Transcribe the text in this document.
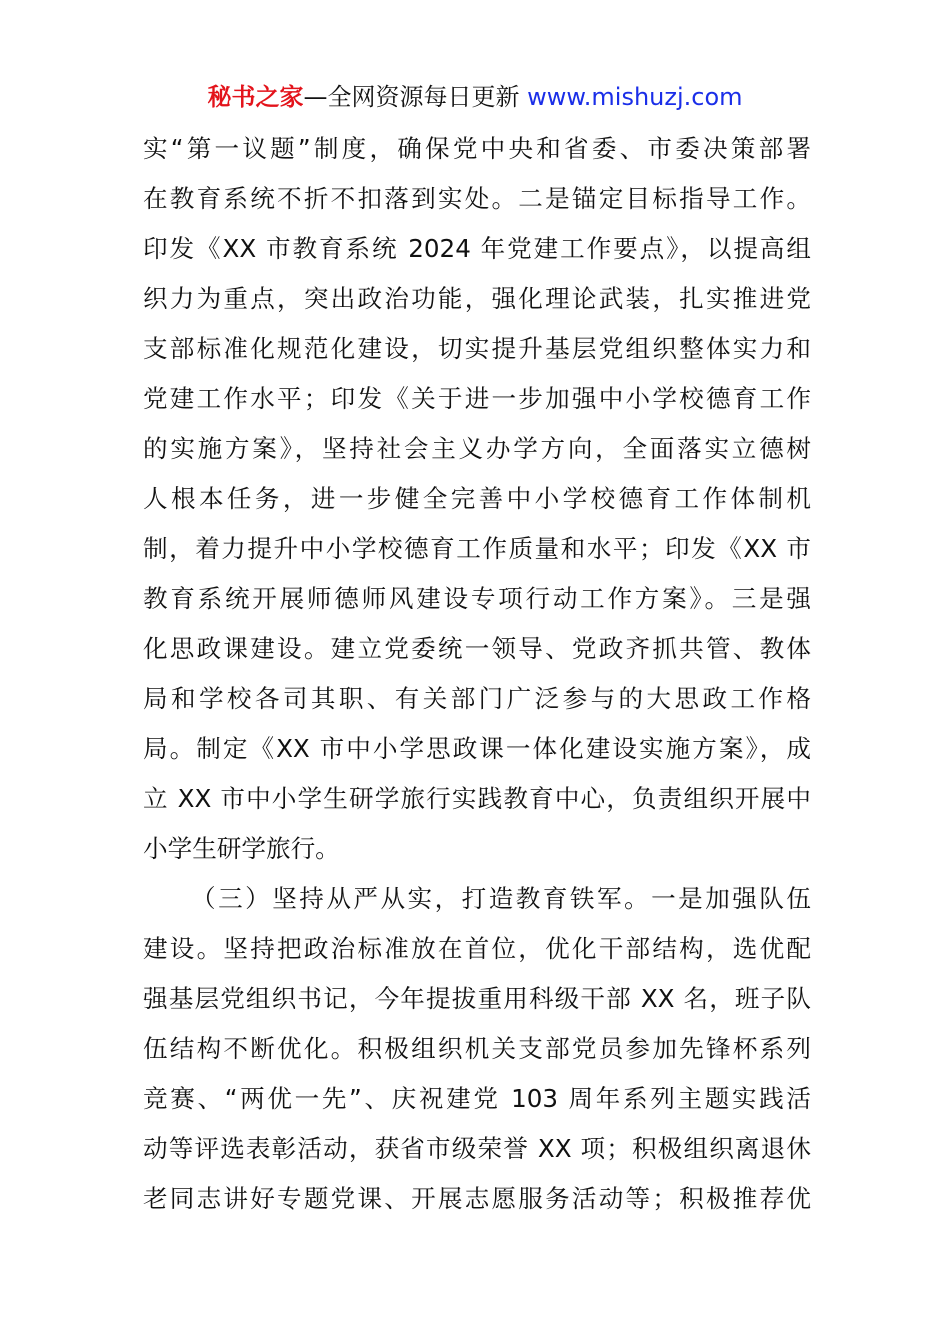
秘书之家—全网资源每日更新 www.mishuzj.com
实“第一议题”制度，确保党中央和省委、市委决策部署
在教育系统不折不扣落到实处。二是锚定目标指导工作。
印发《XX 市教育系统 2024 年党建工作要点》，以提高组
织力为重点，突出政治功能，强化理论武装，扎实推进党
支部标准化规范化建设，切实提升基层党组织整体实力和
党建工作水平；印发《关于进一步加强中小学校德育工作
的实施方案》，坚持社会主义办学方向，全面落实立德树
人根本任务，进一步健全完善中小学校德育工作体制机
制，着力提升中小学校德育工作质量和水平；印发《XX 市
教育系统开展师德师风建设专项行动工作方案》。三是强
化思政课建设。建立党委统一领导、党政齐抓共管、教体
局和学校各司其职、有关部门广泛参与的大思政工作格
局。制定《XX 市中小学思政课一体化建设实施方案》，成
立 XX 市中小学生研学旅行实践教育中心，负责组织开展中
小学生研学旅行。
（三）坚持从严从实，打造教育铁军。一是加强队伍
建设。坚持把政治标准放在首位，优化干部结构，选优配
强基层党组织书记，今年提拔重用科级干部 XX 名，班子队
伍结构不断优化。积极组织机关支部党员参加先锋杯系列
竞赛、“两优一先”、庆祝建党 103 周年系列主题实践活
动等评选表彰活动，获省市级荣誉 XX 项；积极组织离退休
老同志讲好专题党课、开展志愿服务活动等；积极推荐优
